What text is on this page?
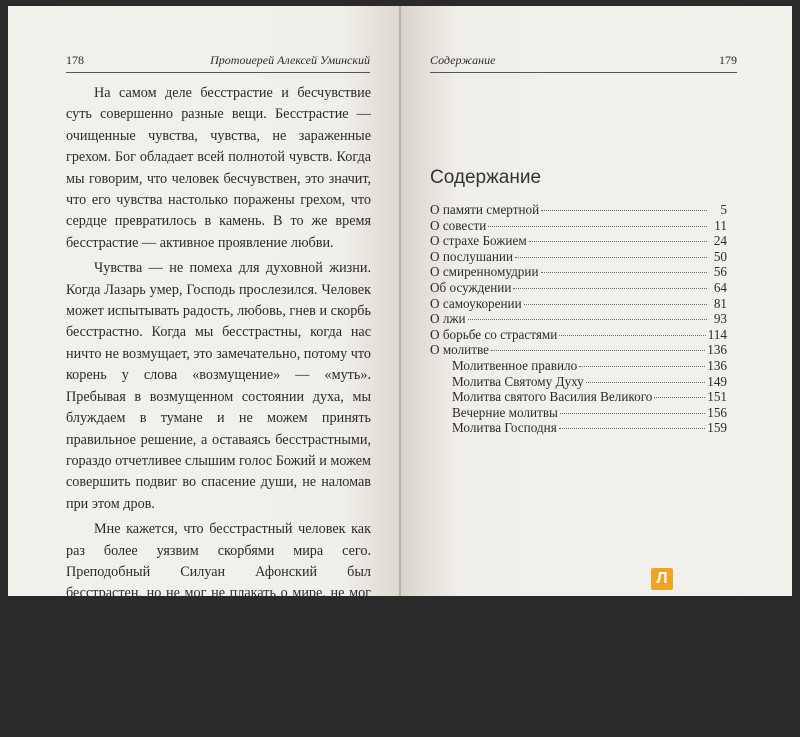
178	Протоиерей Алексей Уминский

На самом деле бесстрастие и бесчувствие суть совершенно разные вещи. Бесстрастие — очищенные чувства, чувства, не зараженные грехом. Бог обладает всей полнотой чувств. Когда мы говорим, что человек бесчувствен, это значит, что его чувства настолько поражены грехом, что сердце превратилось в камень. В то же время бесстрастие — активное проявление любви.

Чувства — не помеха для духовной жизни. Когда Лазарь умер, Господь прослезился. Человек может испытывать радость, любовь, гнев и скорбь бесстрастно. Когда мы бесстрастны, когда нас ничто не возмущает, это замечательно, потому что корень у слова «возмущение» — «муть». Пребывая в возмущенном состоянии духа, мы блуждаем в тумане и не можем принять правильное решение, а оставаясь бесстрастными, гораздо отчетливее слышим голос Божий и можем совершить подвиг во спасение души, не наломав при этом дров.

Мне кажется, что бесстрастный человек как раз более уязвим скорбями мира сего. Преподобный Силуан Афонский был бесстрастен, но не мог не плакать о мире, не мог не молиться о нем «до крови». Он говорил: «Молиться — значит кровь проливать». Его любовь была подобна открытой незаживающей ране. Правда, ему довелось пройти через многочисленные искушения, прежде чем это наконец произошло...

Содержание	179
Содержание
О памяти смертной	5
О совести	11
О страхе Божием	24
О послушании	50
О смиренномудрии	56
Об осуждении	64
О самоукорении	81
О лжи	93
О борьбе со страстями	114
О молитве	136
Молитвенное правило	136
Молитва Святому Духу	149
Молитва святого Василия Великого	151
Вечерние молитвы	156
Молитва Господня	159
Л
